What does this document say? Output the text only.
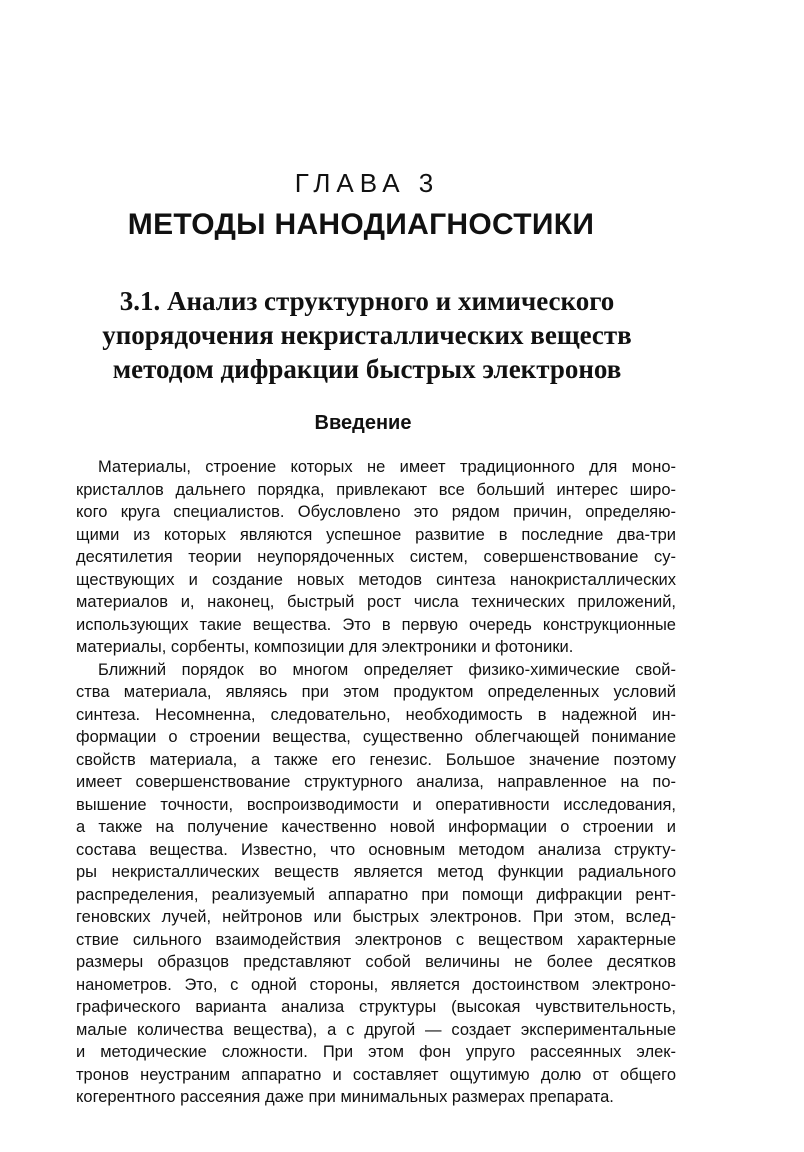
ГЛАВА 3
МЕТОДЫ НАНОДИАГНОСТИКИ
3.1. Анализ структурного и химического
упорядочения некристаллических веществ
методом дифракции быстрых электронов
Введение

Материалы, строение которых не имеет традиционного для моно-
кристаллов дальнего порядка, привлекают все больший интерес широ-
кого круга специалистов. Обусловлено это рядом причин, определяю-
щими из которых являются успешное развитие в последние два-три
десятилетия теории неупорядоченных систем, совершенствование су-
ществующих и создание новых методов синтеза нанокристаллических
материалов и, наконец, быстрый рост числа технических приложений,
использующих такие вещества. Это в первую очередь конструкционные
материалы, сорбенты, композиции для электроники и фотоники.

Ближний порядок во многом определяет физико-химические свой-
ства материала, являясь при этом продуктом определенных условий
синтеза. Несомненна, следовательно, необходимость в надежной ин-
формации о строении вещества, существенно облегчающей понимание
свойств материала, а также его генезис. Большое значение поэтому
имеет совершенствование структурного анализа, направленное на по-
вышение точности, воспроизводимости и оперативности исследования,
а также на получение качественно новой информации о строении и
состава вещества. Известно, что основным методом анализа структу-
ры некристаллических веществ является метод функции радиального
распределения, реализуемый аппаратно при помощи дифракции рент-
геновских лучей, нейтронов или быстрых электронов. При этом, вслед-
ствие сильного взаимодействия электронов с веществом характерные
размеры образцов представляют собой величины не более десятков
нанометров. Это, с одной стороны, является достоинством электроно-
графического варианта анализа структуры (высокая чувствительность,
малые количества вещества), а с другой — создает экспериментальные
и методические сложности. При этом фон упруго рассеянных элек-
тронов неустраним аппаратно и составляет ощутимую долю от общего
когерентного рассеяния даже при минимальных размерах препарата.
